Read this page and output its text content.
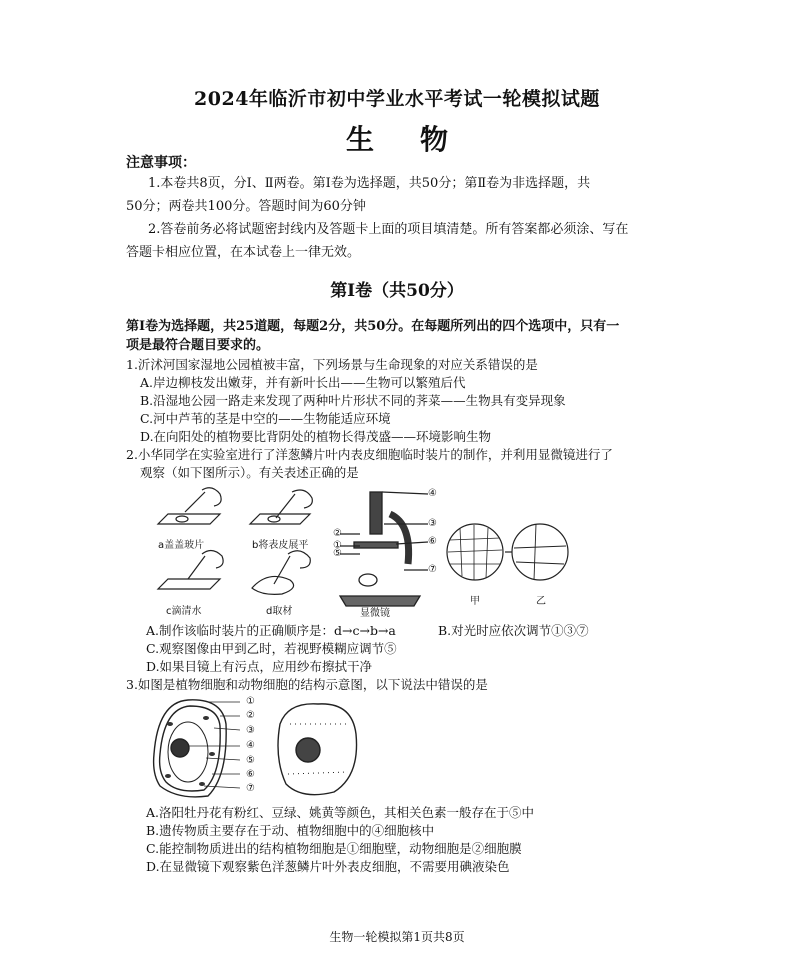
2024年临沂市初中学业水平考试一轮模拟试题
生物
注意事项：
1.本卷共8页，分Ⅰ、Ⅱ两卷。第Ⅰ卷为选择题，共50分；第Ⅱ卷为非选择题，共
50分；两卷共100分。答题时间为60分钟
2.答卷前务必将试题密封线内及答题卡上面的项目填清楚。所有答案都必须涂、写在
答题卡相应位置，在本试卷上一律无效。
第Ⅰ卷（共50分）
第Ⅰ卷为选择题，共25道题，每题2分，共50分。在每题所列出的四个选项中，只有一
项是最符合题目要求的。
1.沂沭河国家湿地公园植被丰富，下列场景与生命现象的对应关系错误的是
A.岸边柳枝发出嫩芽，并有新叶长出——生物可以繁殖后代
B.沿湿地公园一路走来发现了两种叶片形状不同的荠菜——生物具有变异现象
C.河中芦苇的茎是中空的——生物能适应环境
D.在向阳处的植物要比背阴处的植物长得茂盛——环境影响生物
2.小华同学在实验室进行了洋葱鳞片叶内表皮细胞临时装片的制作，并利用显微镜进行了
观察（如下图所示）。有关表述正确的是
a盖盖玻片	b将表皮展平
c滴清水	d取材
④
③
②
①	⑥
⑤
⑦
显微镜
甲	乙
A.制作该临时装片的正确顺序是：d→c→b→a	B.对光时应依次调节①③⑦
C.观察图像由甲到乙时，若视野模糊应调节⑤
D.如果目镜上有污点，应用纱布擦拭干净
3.如图是植物细胞和动物细胞的结构示意图，以下说法中错误的是
①
②
③
④
⑤
⑥
⑦
A.洛阳牡丹花有粉红、豆绿、姚黄等颜色，其相关色素一般存在于⑤中
B.遗传物质主要存在于动、植物细胞中的④细胞核中
C.能控制物质进出的结构植物细胞是①细胞壁，动物细胞是②细胞膜
D.在显微镜下观察紫色洋葱鳞片叶外表皮细胞，不需要用碘液染色
生物一轮模拟第1页共8页
